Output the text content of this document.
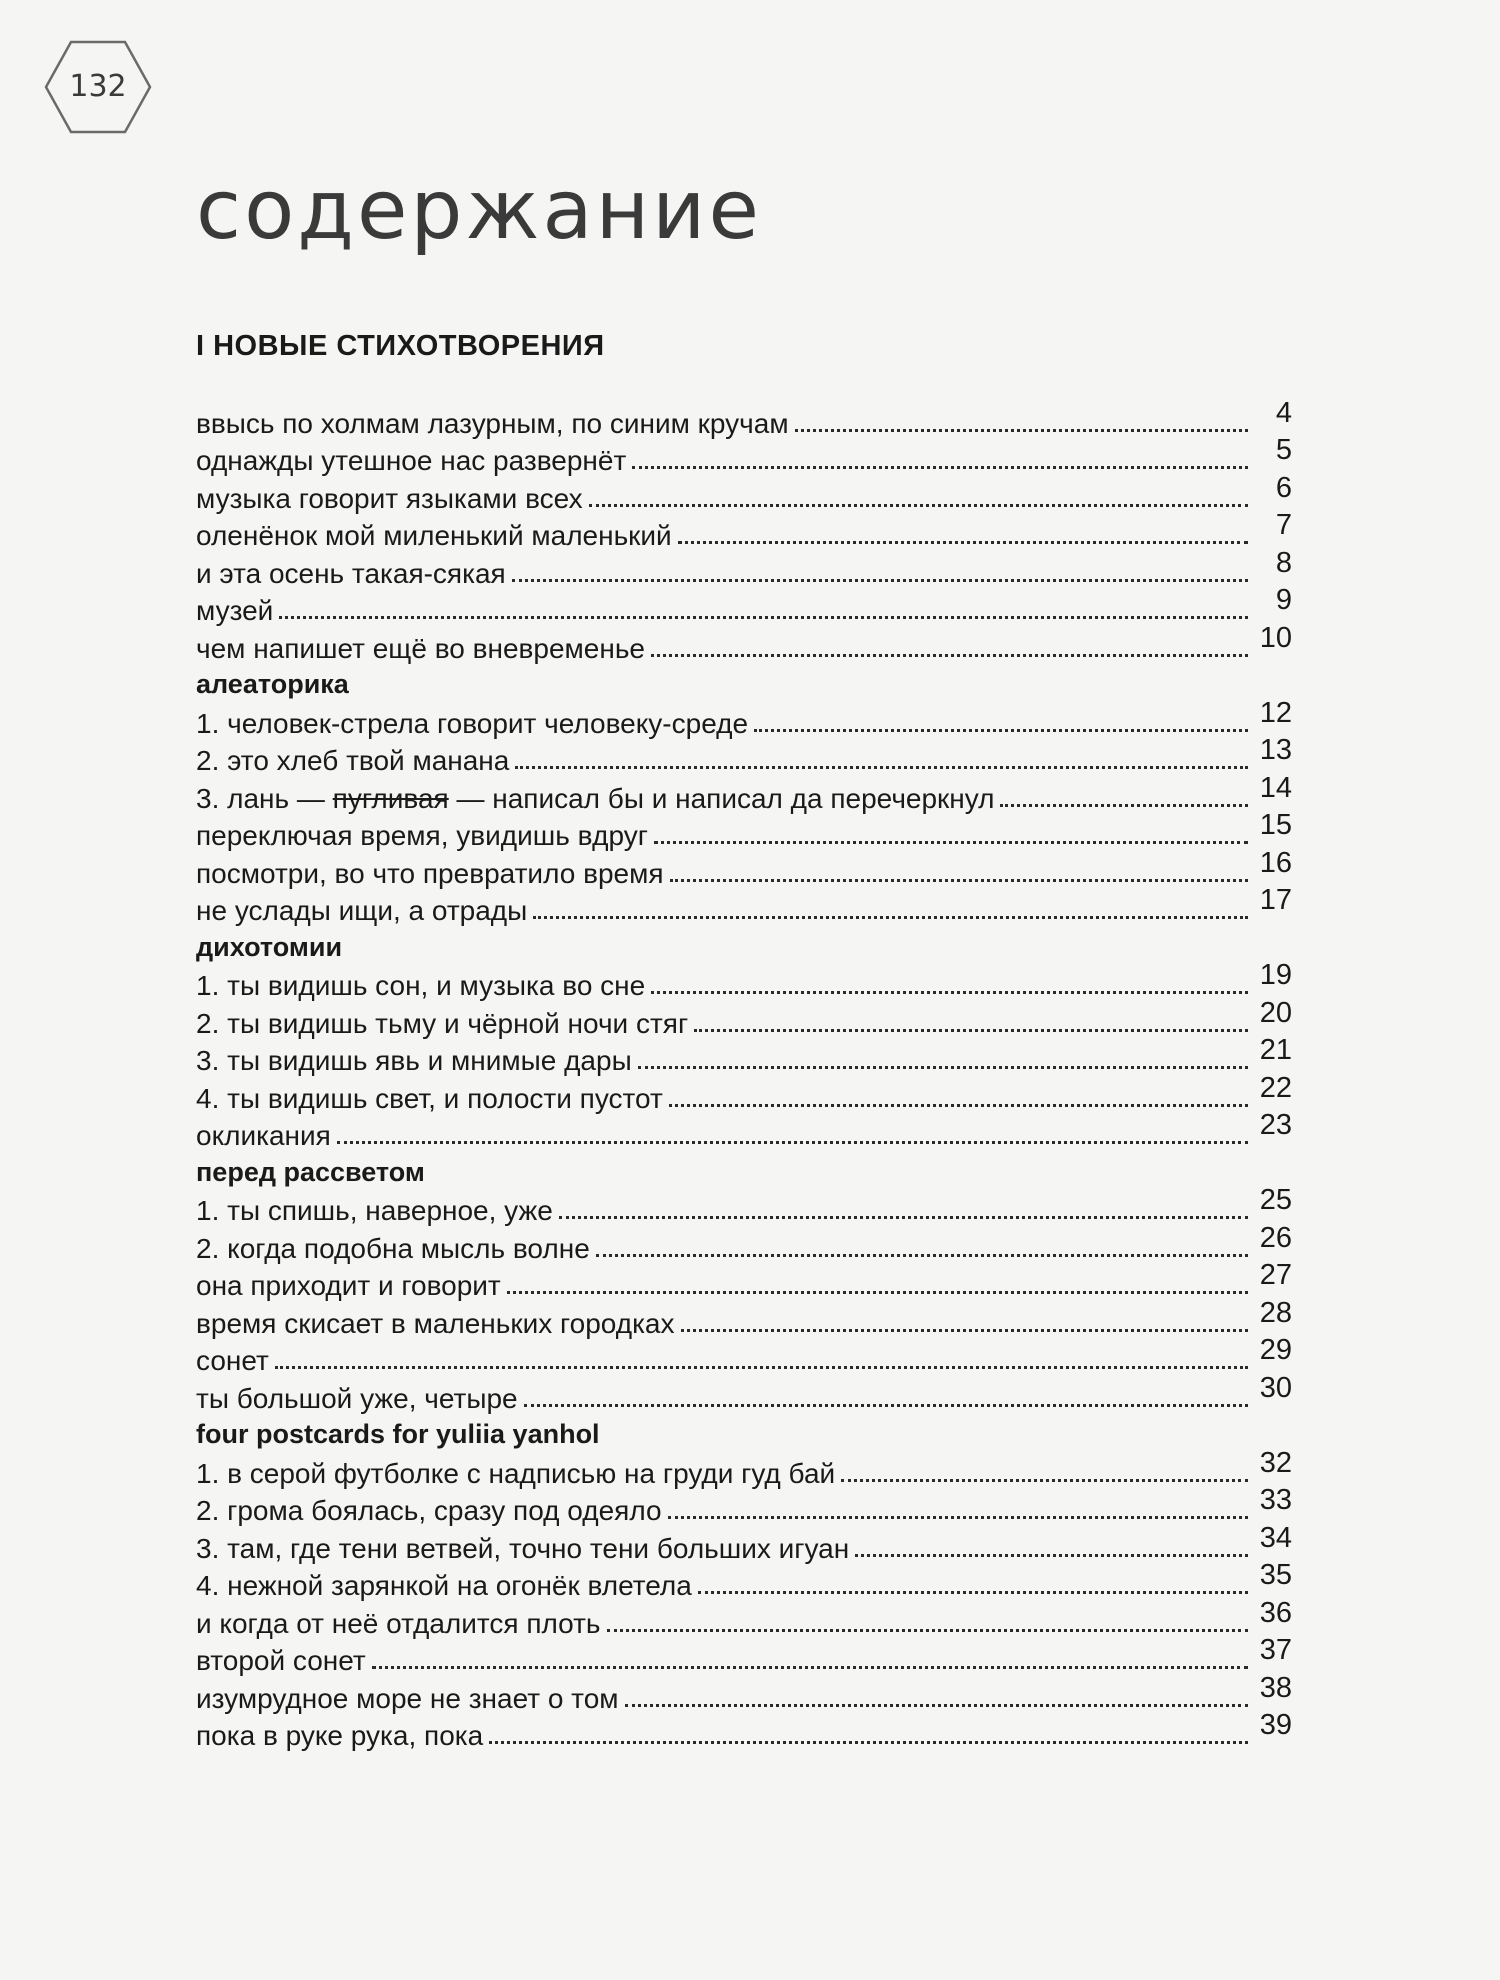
132
содержание
I НОВЫЕ СТИХОТВОРЕНИЯ
ввысь по холмам лазурным, по синим кручам	4
однажды утешное нас развернёт	5
музыка говорит языками всех	6
оленёнок мой миленький маленький	7
и эта осень такая-сякая	8
музей	9
чем напишет ещё во вневременье	10
алеаторика
1. человек-стрела говорит человеку-среде	12
2. это хлеб твой манана	13
3. лань — пугливая — написал бы и написал да перечеркнул	14
переключая время, увидишь вдруг	15
посмотри, во что превратило время	16
не услады ищи, а отрады	17
дихотомии
1. ты видишь сон, и музыка во сне	19
2. ты видишь тьму и чёрной ночи стяг	20
3. ты видишь явь и мнимые дары	21
4. ты видишь свет, и полости пустот	22
окликания	23
перед рассветом
1. ты спишь, наверное, уже	25
2. когда подобна мысль волне	26
она приходит и говорит	27
время скисает в маленьких городках	28
сонет	29
ты большой уже, четыре	30
four postcards for yuliia yanhol
1. в серой футболке с надписью на груди гуд бай	32
2. грома боялась, сразу под одеяло	33
3. там, где тени ветвей, точно тени больших игуан	34
4. нежной зарянкой на огонёк влетела	35
и когда от неё отдалится плоть	36
второй сонет	37
изумрудное море не знает о том	38
пока в руке рука, пока	39
